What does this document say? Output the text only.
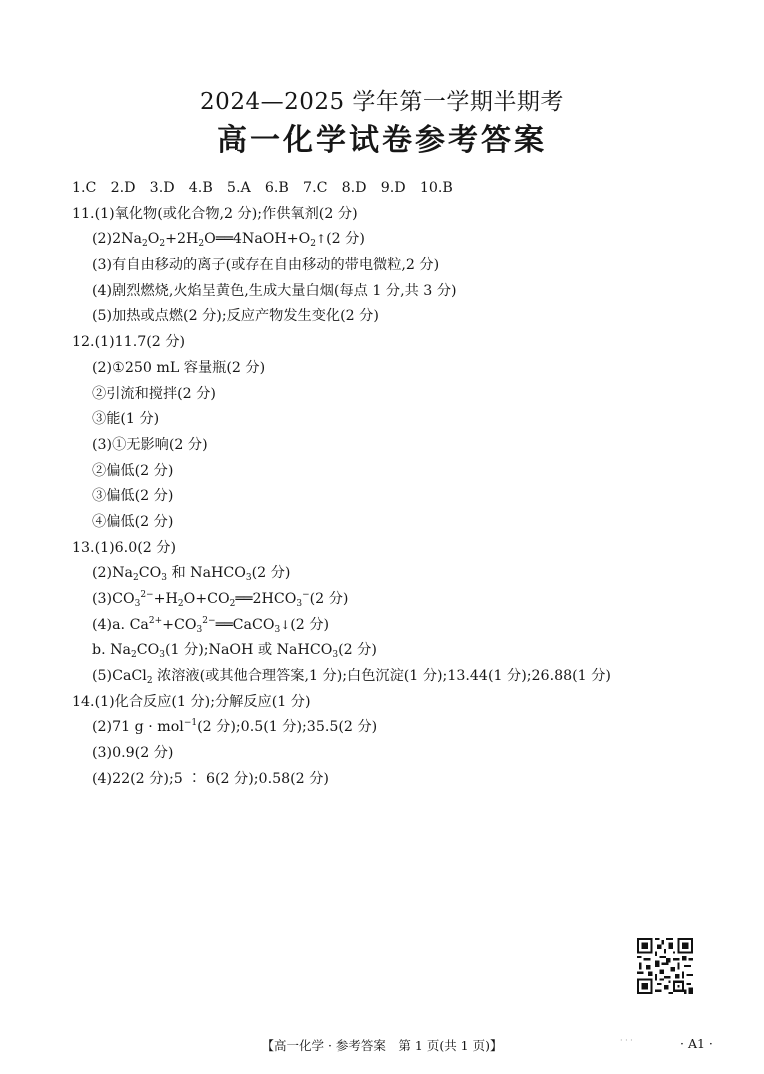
2024—2025 学年第一学期半期考
高一化学试卷参考答案
1.C　2.D　3.D　4.B　5.A　6.B　7.C　8.D　9.D　10.B
11.(1)氧化物(或化合物,2 分);作供氧剂(2 分)
$(2)2Na_2O_2+2H_2O══4NaOH+O_2↑(2$ 分)
(3)有自由移动的离子(或存在自由移动的带电微粒,2 分)
(4)剧烈燃烧,火焰呈黄色,生成大量白烟(每点 1 分,共 3 分)
(5)加热或点燃(2 分);反应产物发生变化(2 分)
12.(1)11.7(2 分)
(2)①250 mL 容量瓶(2 分)
②引流和搅拌(2 分)
③能(1 分)
(3)①无影响(2 分)
②偏低(2 分)
③偏低(2 分)
④偏低(2 分)
13.(1)6.0(2 分)
$(2)Na_2CO_3$ 和 NaHCO$_3$(2 分)
$(3)CO_3^{2-}+H_2O+CO_2══2HCO_3^-(2$ 分)
(4)a. $Ca^{2+}+CO_3^{2-}══CaCO_3↓(2$ 分)
b. $Na_2CO_3(1$ 分);NaOH 或 NaHCO$_3$(2 分)
(5)CaCl$_2$ 浓溶液(或其他合理答案,1 分);白色沉淀(1 分);13.44(1 分);26.88(1 分)
14.(1)化合反应(1 分);分解反应(1 分)
(2)71 g · mol$^{-1}$(2 分);0.5(1 分);35.5(2 分)
(3)0.9(2 分)
(4)22(2 分);5 ∶ 6(2 分);0.58(2 分)
· · ·
【高一化学 · 参考答案　第 1 页(共 1 页)】	· A1 ·
